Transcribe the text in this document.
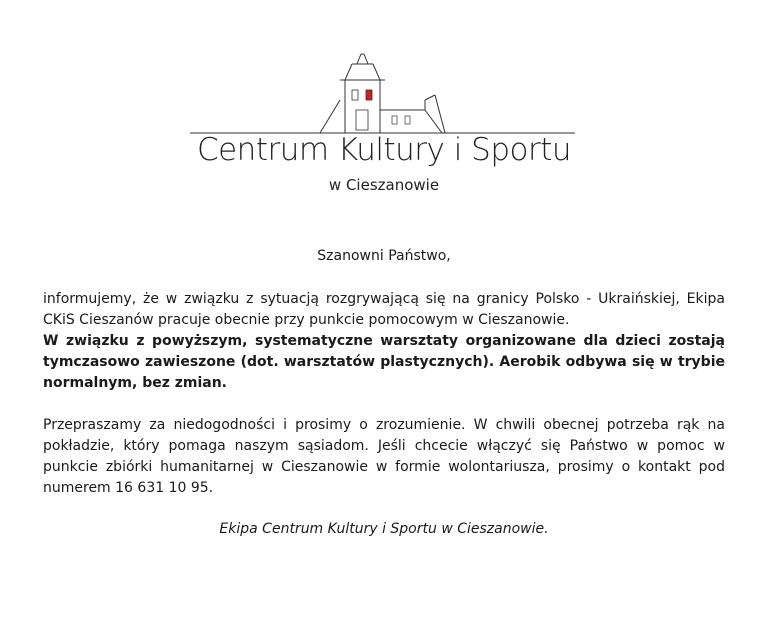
Centrum Kultury i Sportu
w Cieszanowie
Szanowni Państwo,
informujemy, że w związku z sytuacją rozgrywającą się na granicy Polsko - Ukraińskiej, Ekipa CKiS Cieszanów pracuje obecnie przy punkcie pomocowym w Cieszanowie.
W związku z powyższym, systematyczne warsztaty organizowane dla dzieci zostają tymczasowo zawieszone (dot. warsztatów plastycznych). Aerobik odbywa się w trybie normalnym, bez zmian.
Przepraszamy za niedogodności i prosimy o zrozumienie. W chwili obecnej potrzeba rąk na pokładzie, który pomaga naszym sąsiadom. Jeśli chcecie włączyć się Państwo w pomoc w punkcie zbiórki humanitarnej w Cieszanowie w formie wolontariusza, prosimy o kontakt pod numerem 16 631 10 95.
Ekipa Centrum Kultury i Sportu w Cieszanowie.
